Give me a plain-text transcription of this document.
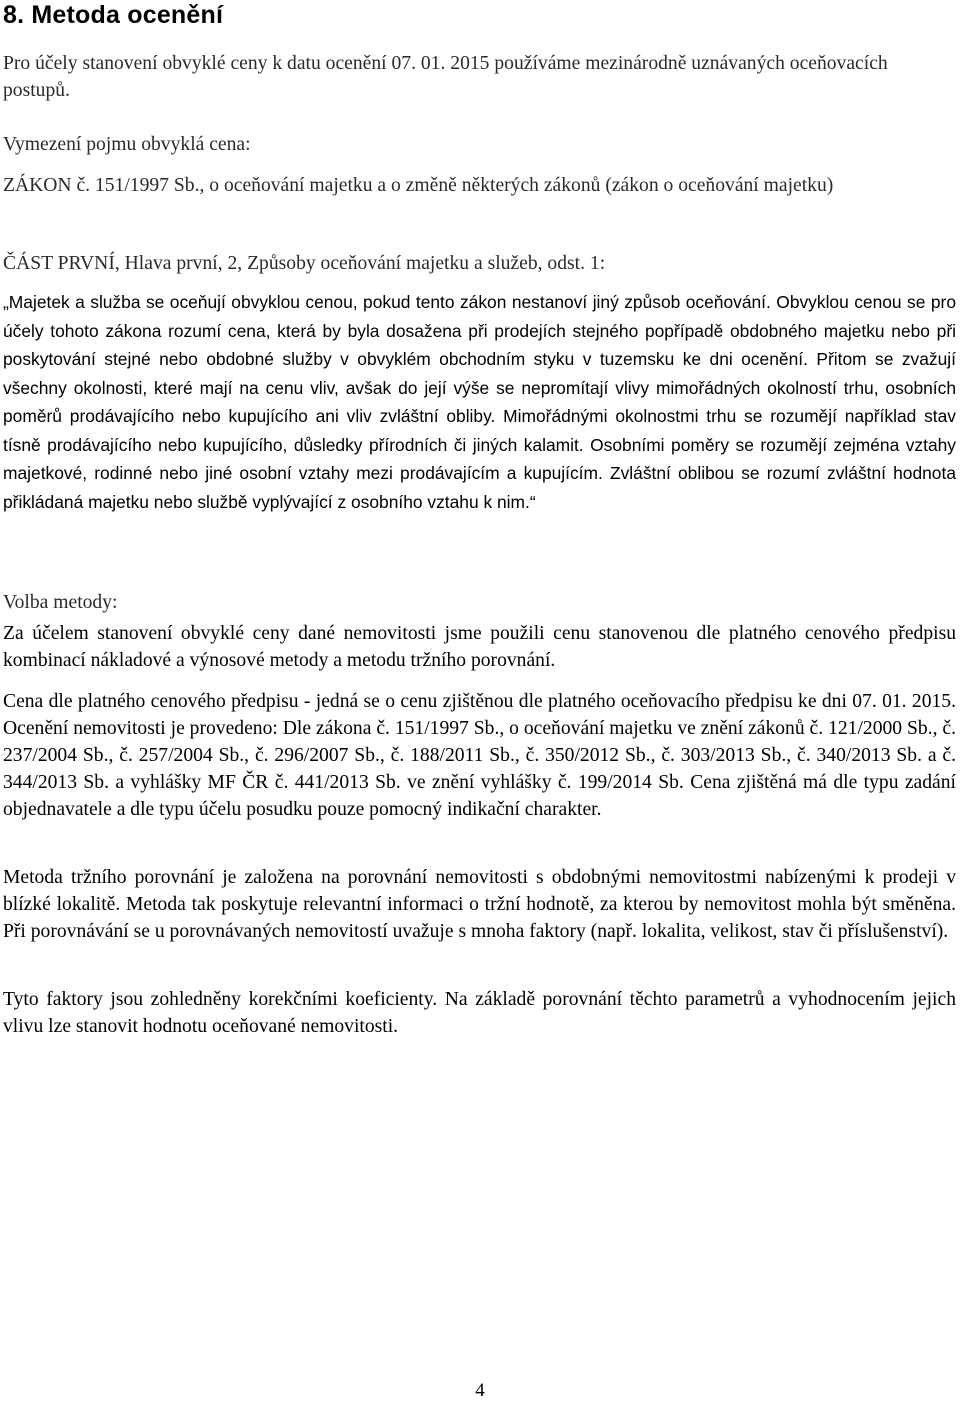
8. Metoda ocenění

Pro účely stanovení obvyklé ceny k datu ocenění 07. 01. 2015 používáme mezinárodně uznávaných oceňovacích postupů.

Vymezení pojmu obvyklá cena:

ZÁKON č. 151/1997 Sb., o oceňování majetku a o změně některých zákonů (zákon o oceňování majetku)

ČÁST PRVNÍ, Hlava první, 2, Způsoby oceňování majetku a služeb, odst. 1:

„Majetek a služba se oceňují obvyklou cenou, pokud tento zákon nestanoví jiný způsob oceňování. Obvyklou cenou se pro účely tohoto zákona rozumí cena, která by byla dosažena při prodejích stejného popřípadě obdobného majetku nebo při poskytování stejné nebo obdobné služby v obvyklém obchodním styku v tuzemsku ke dni ocenění. Přitom se zvažují všechny okolnosti, které mají na cenu vliv, avšak do její výše se nepromítají vlivy mimořádných okolností trhu, osobních poměrů prodávajícího nebo kupujícího ani vliv zvláštní obliby. Mimořádnými okolnostmi trhu se rozumějí například stav tísně prodávajícího nebo kupujícího, důsledky přírodních či jiných kalamit. Osobními poměry se rozumějí zejména vztahy majetkové, rodinné nebo jiné osobní vztahy mezi prodávajícím a kupujícím. Zvláštní oblibou se rozumí zvláštní hodnota přikládaná majetku nebo službě vyplývající z osobního vztahu k nim.“

Volba metody:

Za účelem stanovení obvyklé ceny dané nemovitosti jsme použili cenu stanovenou dle platného cenového předpisu kombinací nákladové a výnosové metody a metodu tržního porovnání.

Cena dle platného cenového předpisu - jedná se o cenu zjištěnou dle platného oceňovacího předpisu ke dni 07. 01. 2015. Ocenění nemovitosti je provedeno: Dle zákona č. 151/1997 Sb., o oceňování majetku ve znění zákonů č. 121/2000 Sb., č. 237/2004 Sb., č. 257/2004 Sb., č. 296/2007 Sb., č. 188/2011 Sb., č. 350/2012 Sb., č. 303/2013 Sb., č. 340/2013 Sb. a č. 344/2013 Sb. a vyhlášky MF ČR č. 441/2013 Sb. ve znění vyhlášky č. 199/2014 Sb. Cena zjištěná má dle typu zadání objednavatele a dle typu účelu posudku pouze pomocný indikační charakter.

Metoda tržního porovnání je založena na porovnání nemovitosti s obdobnými nemovitostmi nabízenými k prodeji v blízké lokalitě. Metoda tak poskytuje relevantní informaci o tržní hodnotě, za kterou by nemovitost mohla být směněna. Při porovnávání se u porovnávaných nemovitostí uvažuje s mnoha faktory (např. lokalita, velikost, stav či příslušenství).

Tyto faktory jsou zohledněny korekčními koeficienty. Na základě porovnání těchto parametrů a vyhodnocením jejich vlivu lze stanovit hodnotu oceňované nemovitosti.

4
